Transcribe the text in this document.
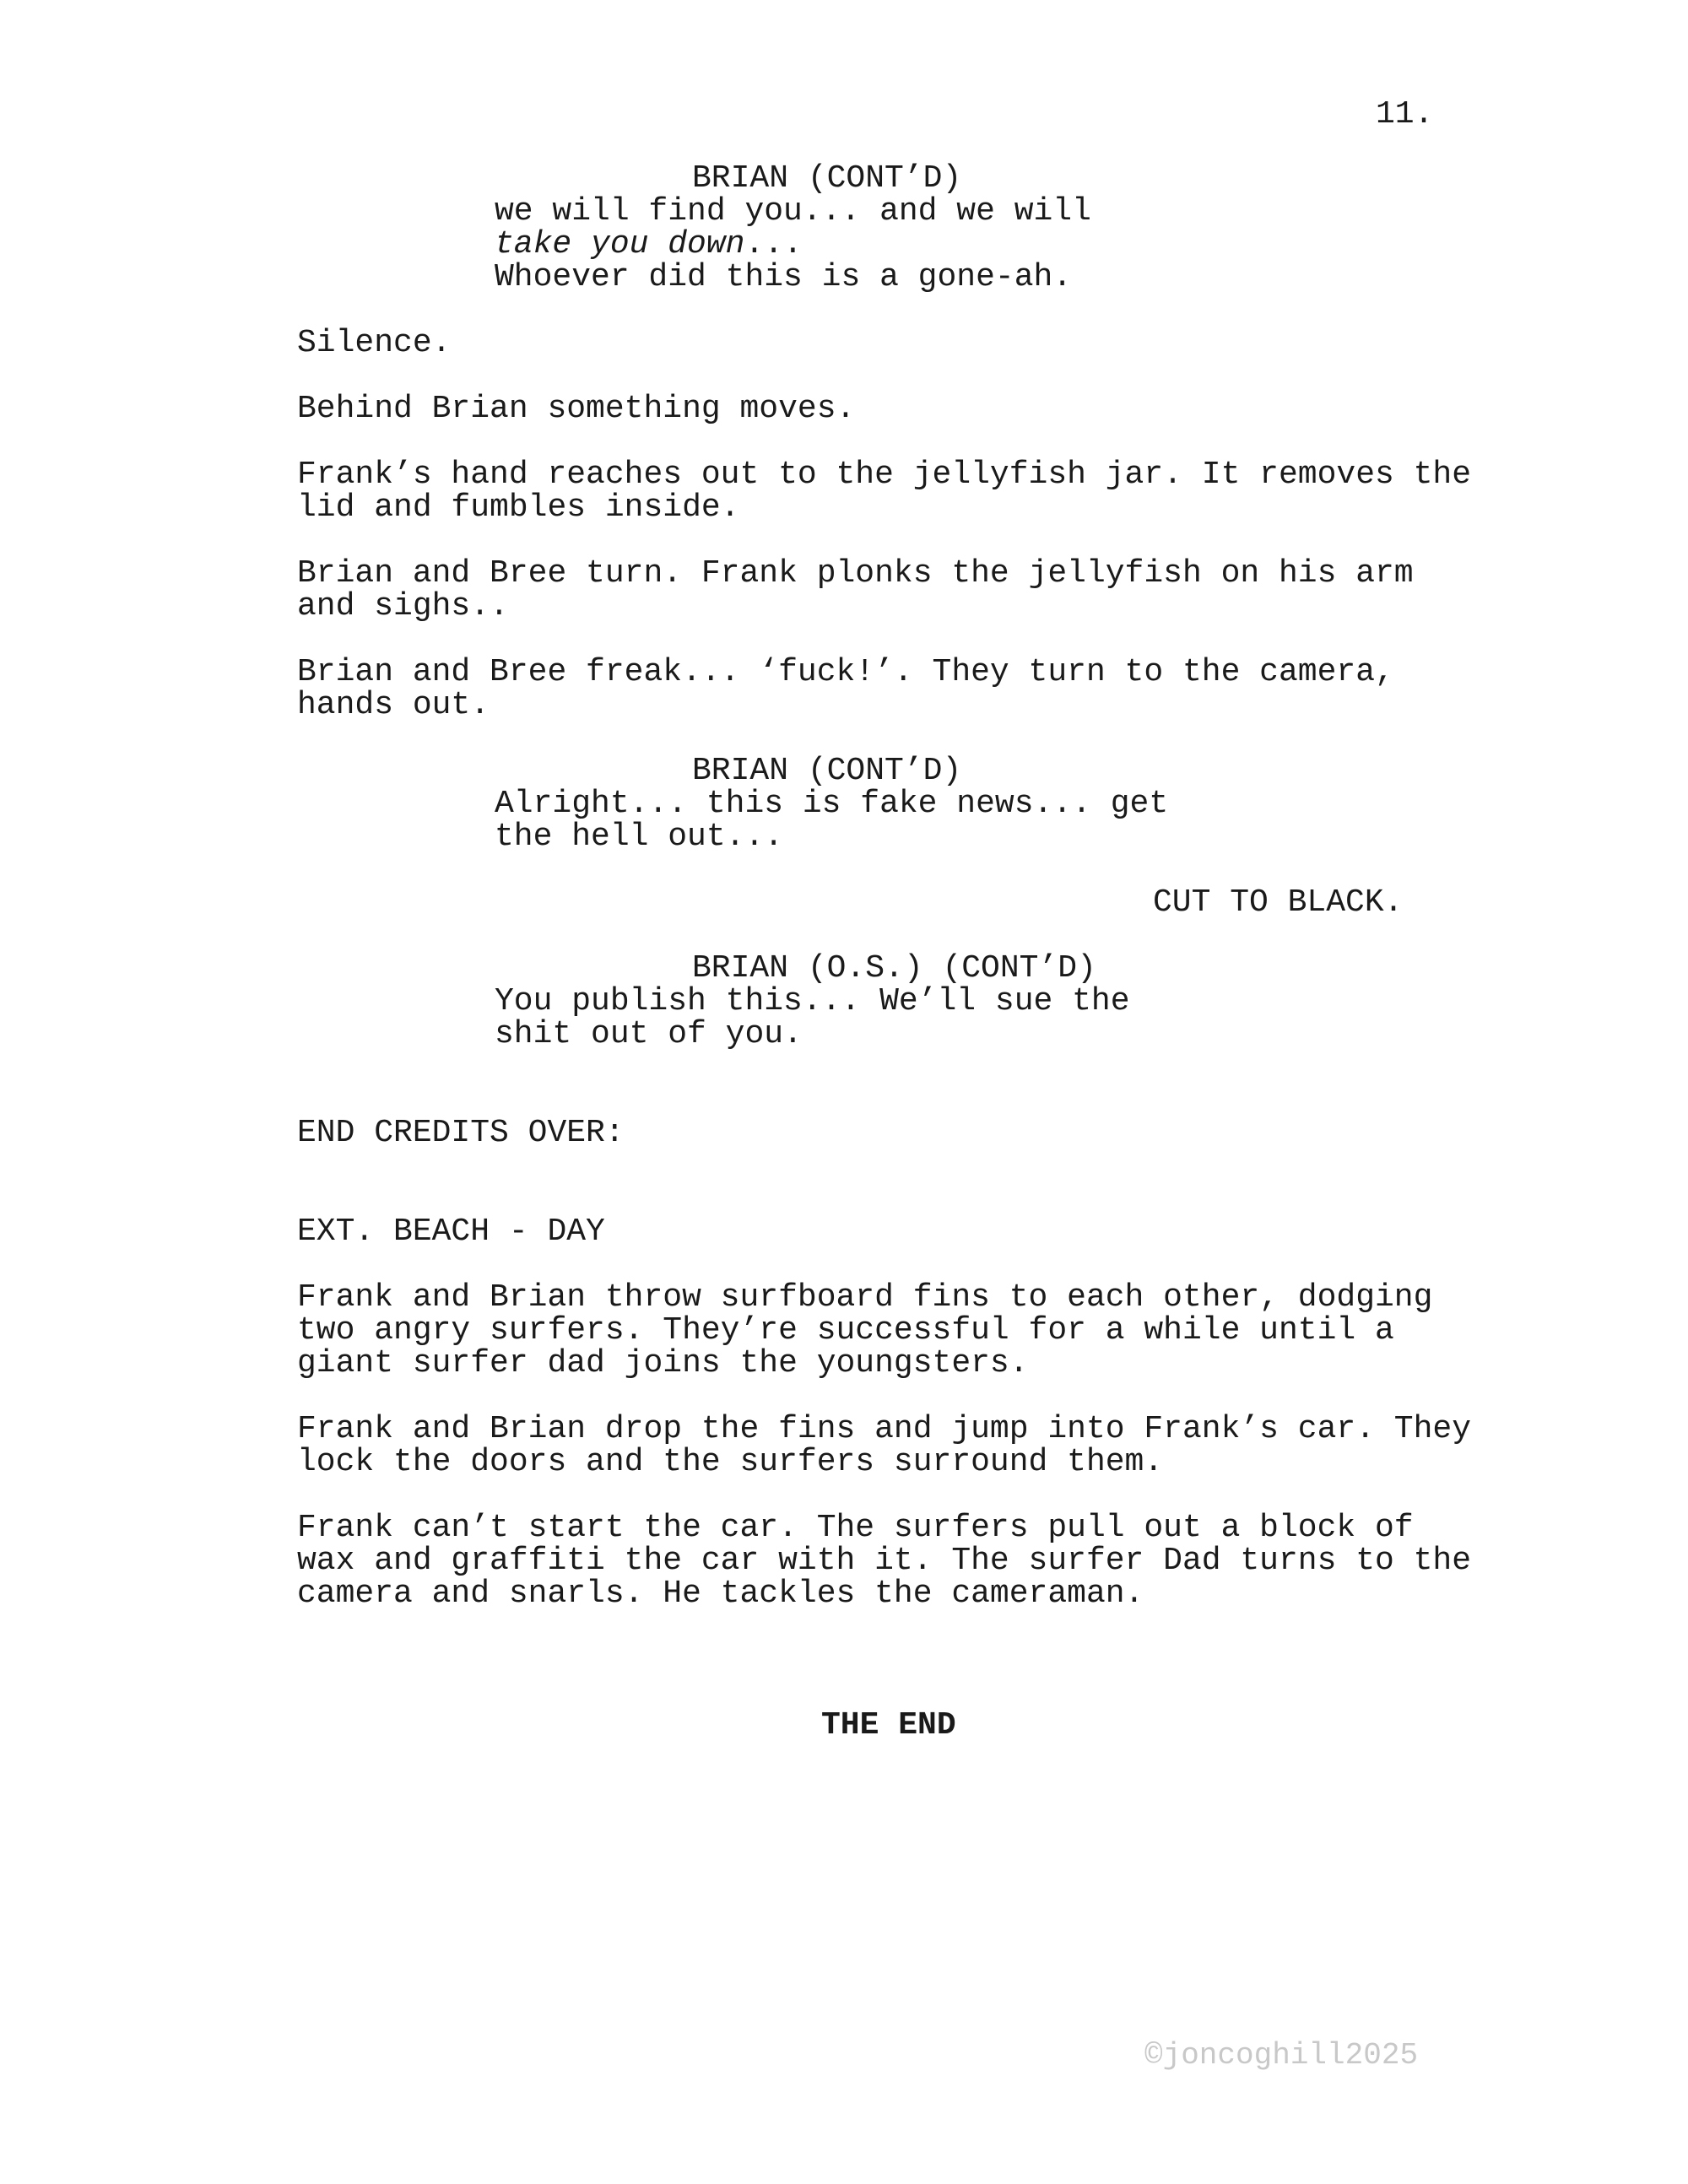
11.

BRIAN (CONT’D)

we will find you... and we will

take you down...

Whoever did this is a gone-ah.

Silence.

Behind Brian something moves.

Frank’s hand reaches out to the jellyfish jar. It removes the

lid and fumbles inside.

Brian and Bree turn. Frank plonks the jellyfish on his arm

and sighs..

Brian and Bree freak... ‘fuck!’. They turn to the camera,

hands out.

BRIAN (CONT’D)

Alright... this is fake news... get

the hell out...

CUT TO BLACK.

BRIAN (O.S.) (CONT’D)

You publish this... We’ll sue the

shit out of you.

END CREDITS OVER:

EXT. BEACH - DAY

Frank and Brian throw surfboard fins to each other, dodging

two angry surfers. They’re successful for a while until a

giant surfer dad joins the youngsters.

Frank and Brian drop the fins and jump into Frank’s car. They

lock the doors and the surfers surround them.

Frank can’t start the car. The surfers pull out a block of

wax and graffiti the car with it. The surfer Dad turns to the

camera and snarls. He tackles the cameraman.

THE END

©joncoghill2025
